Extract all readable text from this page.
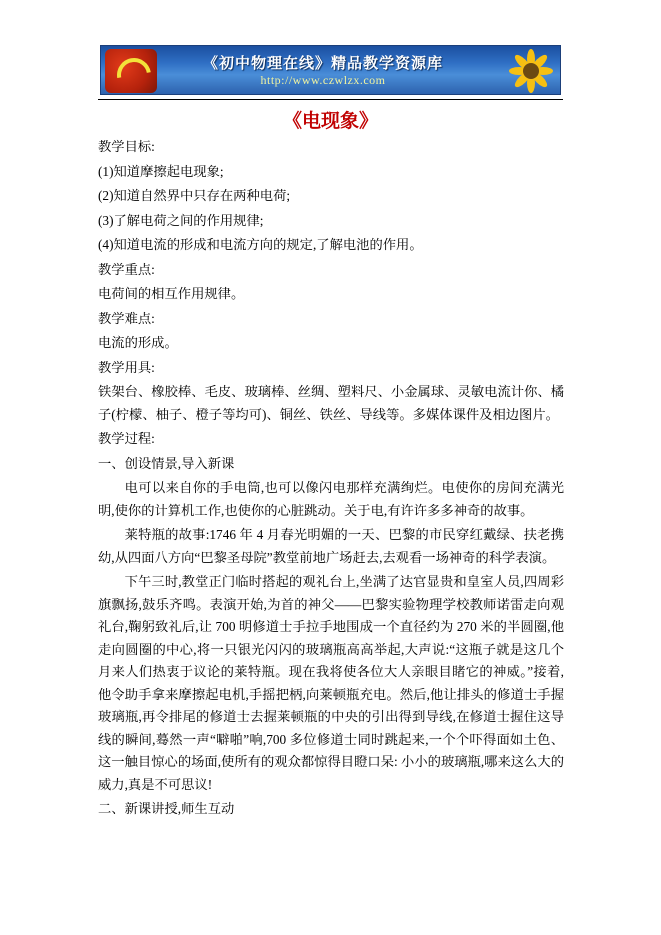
《初中物理在线》精品教学资源库
http://www.czwlzx.com
《电现象》

教学目标:

(1)知道摩擦起电现象;

(2)知道自然界中只存在两种电荷;

(3)了解电荷之间的作用规律;

(4)知道电流的形成和电流方向的规定,了解电池的作用。

教学重点:

电荷间的相互作用规律。

教学难点:

电流的形成。

教学用具:

铁架台、橡胶棒、毛皮、玻璃棒、丝绸、塑料尺、小金属球、灵敏电流计你、橘子(柠檬、柚子、橙子等均可)、铜丝、铁丝、导线等。多媒体课件及相边图片。

教学过程:

一、创设情景,导入新课

电可以来自你的手电筒,也可以像闪电那样充满绚烂。电使你的房间充满光明,使你的计算机工作,也使你的心脏跳动。关于电,有许许多多神奇的故事。

莱特瓶的故事:1746 年 4 月春光明媚的一天、巴黎的市民穿红戴绿、扶老携幼,从四面八方向“巴黎圣母院”教堂前地广场赶去,去观看一场神奇的科学表演。

下午三时,教堂正门临时搭起的观礼台上,坐满了达官显贵和皇室人员,四周彩旗飘扬,鼓乐齐鸣。表演开始,为首的神父——巴黎实验物理学校教师诺雷走向观礼台,鞠躬致礼后,让 700 明修道士手拉手地围成一个直径约为 270 米的半圆圈,他走向圆圈的中心,将一只银光闪闪的玻璃瓶高高举起,大声说:“这瓶子就是这几个月来人们热衷于议论的莱特瓶。现在我将使各位大人亲眼目睹它的神威。”接着,他令助手拿来摩擦起电机,手摇把柄,向莱顿瓶充电。然后,他让排头的修道士手握玻璃瓶,再令排尾的修道士去握莱顿瓶的中央的引出得到导线,在修道士握住这导线的瞬间,蓦然一声“噼啪”响,700 多位修道士同时跳起来,一个个吓得面如土色、这一触目惊心的场面,使所有的观众都惊得目瞪口呆: 小小的玻璃瓶,哪来这么大的威力,真是不可思议!

二、新课讲授,师生互动
